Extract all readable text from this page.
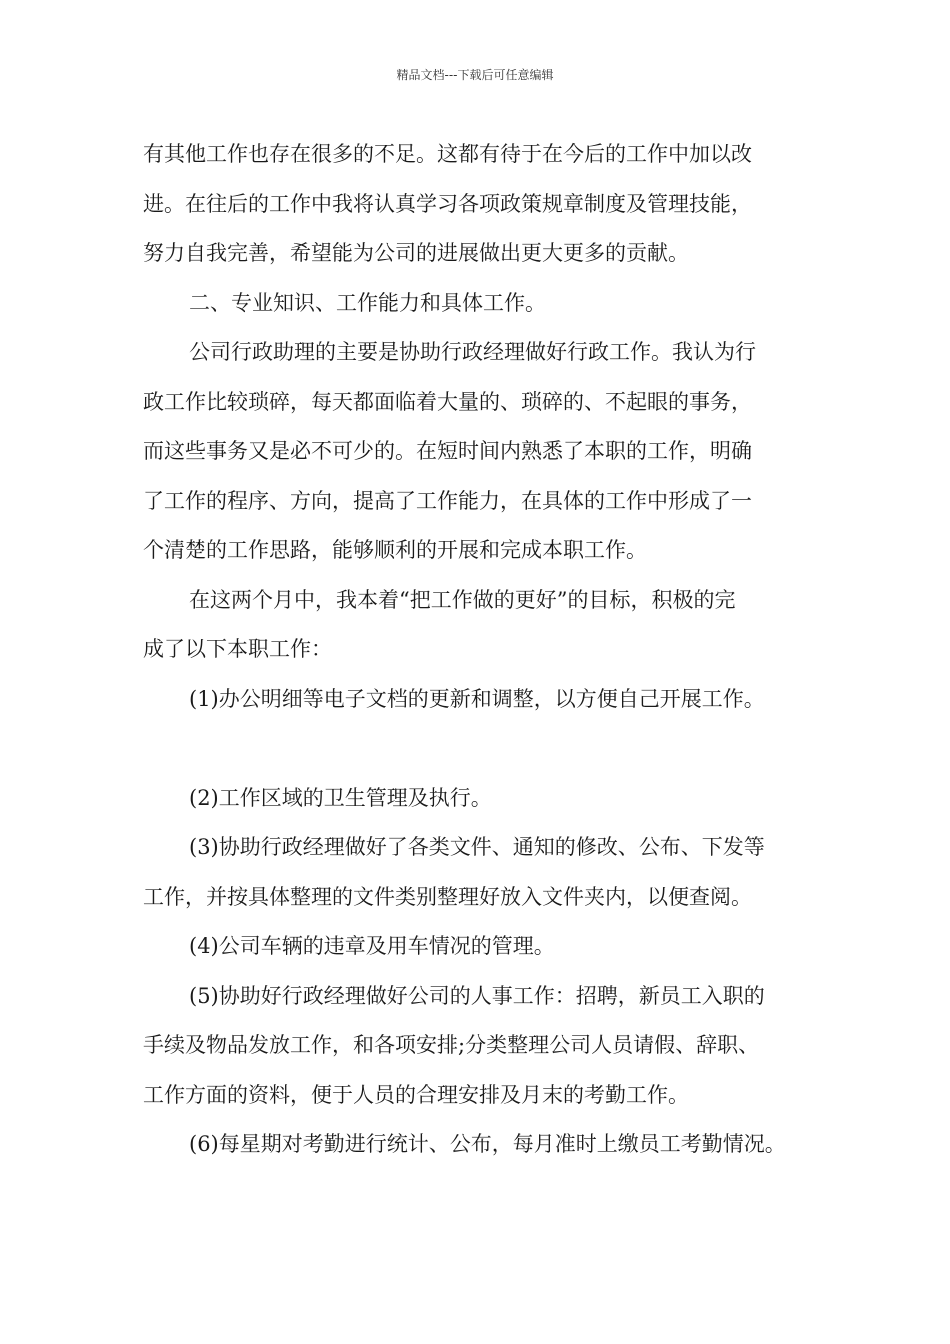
精品文档---下载后可任意编辑
有其他工作也存在很多的不足。这都有待于在今后的工作中加以改
进。在往后的工作中我将认真学习各项政策规章制度及管理技能，
努力自我完善，希望能为公司的进展做出更大更多的贡献。
二、专业知识、工作能力和具体工作。
公司行政助理的主要是协助行政经理做好行政工作。我认为行
政工作比较琐碎，每天都面临着大量的、琐碎的、不起眼的事务，
而这些事务又是必不可少的。在短时间内熟悉了本职的工作，明确
了工作的程序、方向，提高了工作能力，在具体的工作中形成了一
个清楚的工作思路，能够顺利的开展和完成本职工作。
在这两个月中，我本着“把工作做的更好”的目标，积极的完
成了以下本职工作：
(1)办公明细等电子文档的更新和调整，以方便自己开展工作。
(2)工作区域的卫生管理及执行。
(3)协助行政经理做好了各类文件、通知的修改、公布、下发等
工作，并按具体整理的文件类别整理好放入文件夹内，以便查阅。
(4)公司车辆的违章及用车情况的管理。
(5)协助好行政经理做好公司的人事工作：招聘，新员工入职的
手续及物品发放工作，和各项安排;分类整理公司人员请假、辞职、
工作方面的资料，便于人员的合理安排及月末的考勤工作。
(6)每星期对考勤进行统计、公布，每月准时上缴员工考勤情况。
